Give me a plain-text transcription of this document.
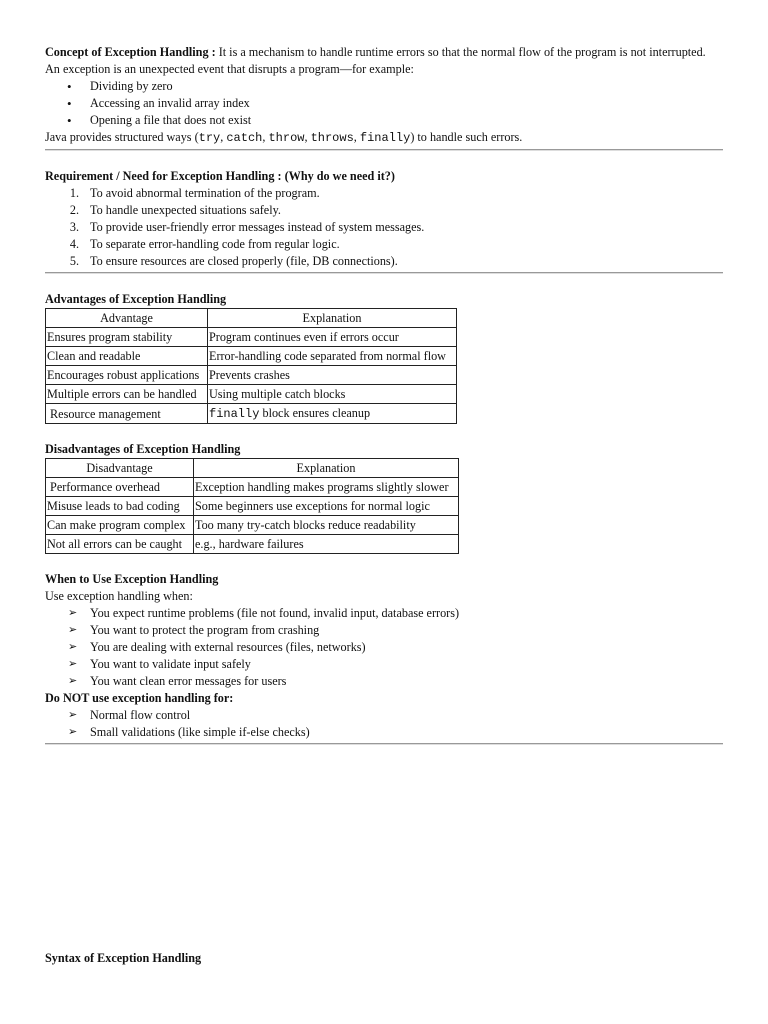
Concept of Exception Handling : It is a mechanism to handle runtime errors so that the normal flow of the program is not interrupted.

An exception is an unexpected event that disrupts a program—for example:

• Dividing by zero
• Accessing an invalid array index
• Opening a file that does not exist

Java provides structured ways (try, catch, throw, throws, finally) to handle such errors.

Requirement / Need for Exception Handling : (Why do we need it?)

1. To avoid abnormal termination of the program.
2. To handle unexpected situations safely.
3. To provide user-friendly error messages instead of system messages.
4. To separate error-handling code from regular logic.
5. To ensure resources are closed properly (file, DB connections).

Advantages of Exception Handling

Advantage	Explanation
Ensures program stability	Program continues even if errors occur
Clean and readable	Error-handling code separated from normal flow
Encourages robust applications	Prevents crashes
Multiple errors can be handled	Using multiple catch blocks
Resource management	finally block ensures cleanup

Disadvantages of Exception Handling

Disadvantage	Explanation
Performance overhead	Exception handling makes programs slightly slower
Misuse leads to bad coding	Some beginners use exceptions for normal logic
Can make program complex	Too many try-catch blocks reduce readability
Not all errors can be caught	e.g., hardware failures

When to Use Exception Handling

Use exception handling when:

➢ You expect runtime problems (file not found, invalid input, database errors)
➢ You want to protect the program from crashing
➢ You are dealing with external resources (files, networks)
➢ You want to validate input safely
➢ You want clean error messages for users

Do NOT use exception handling for:

➢ Normal flow control
➢ Small validations (like simple if-else checks)

Syntax of Exception Handling
